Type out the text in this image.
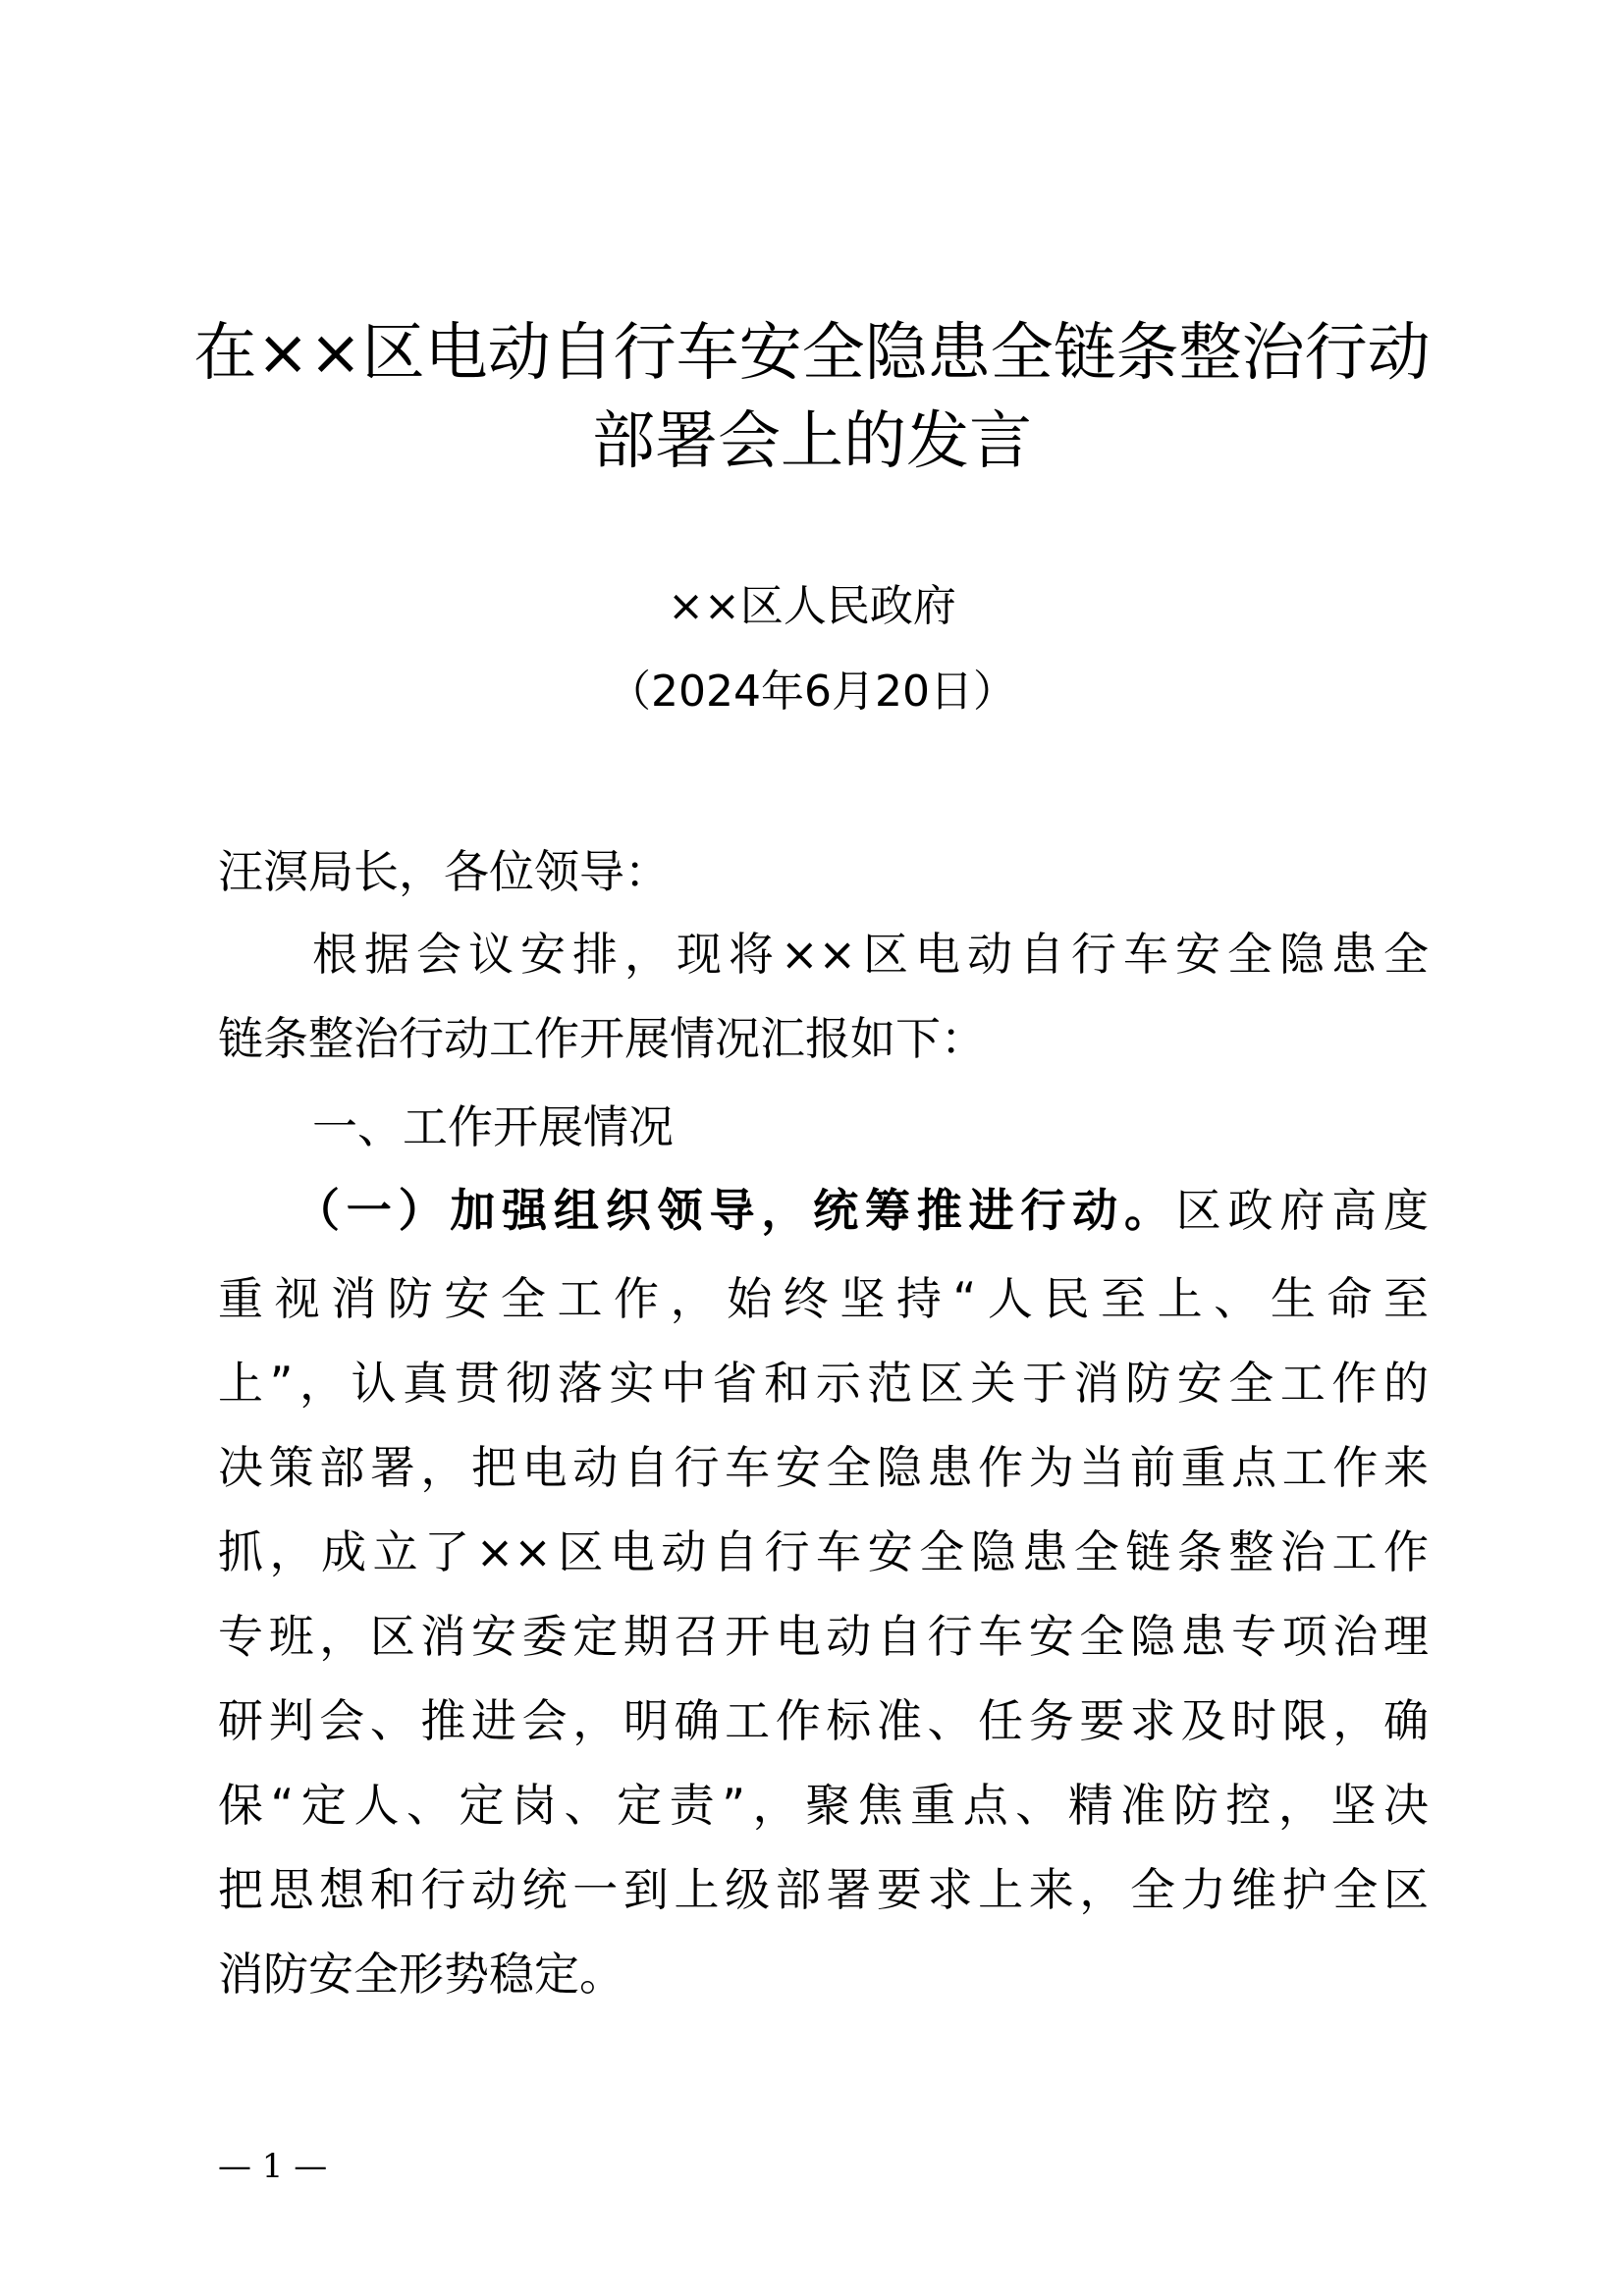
在××区电动自行车安全隐患全链条整治行动
部署会上的发言
××区人民政府
（2024年6月20日）
汪溟局长，各位领导：
根据会议安排，现将××区电动自行车安全隐患全
链条整治行动工作开展情况汇报如下：
一、工作开展情况
（一）加强组织领导，统筹推进行动。区政府高度
重视消防安全工作，始终坚持“人民至上、生命至
上”，认真贯彻落实中省和示范区关于消防安全工作的
决策部署，把电动自行车安全隐患作为当前重点工作来
抓，成立了××区电动自行车安全隐患全链条整治工作
专班，区消安委定期召开电动自行车安全隐患专项治理
研判会、推进会，明确工作标准、任务要求及时限，确
保“定人、定岗、定责”，聚焦重点、精准防控，坚决
把思想和行动统一到上级部署要求上来，全力维护全区
消防安全形势稳定。
— 1 —
